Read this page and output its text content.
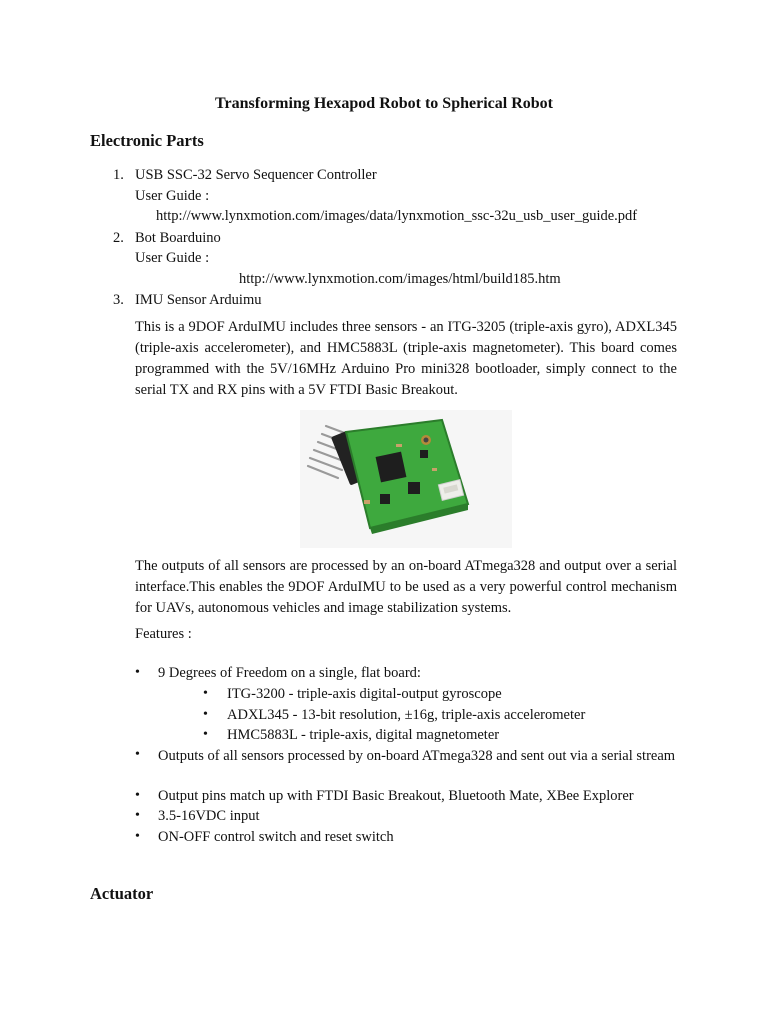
Transforming Hexapod Robot to Spherical Robot
Electronic Parts
1. USB SSC-32 Servo Sequencer Controller
User Guide :
http://www.lynxmotion.com/images/data/lynxmotion_ssc-32u_usb_user_guide.pdf
2. Bot Boarduino
User Guide :
http://www.lynxmotion.com/images/html/build185.htm
3. IMU Sensor Arduimu
This is a 9DOF ArduIMU includes three sensors - an ITG-3205 (triple-axis gyro), ADXL345 (triple-axis accelerometer), and HMC5883L (triple-axis magnetometer). This board comes programmed with the 5V/16MHz Arduino Pro mini328 bootloader, simply connect to the serial TX and RX pins with a 5V FTDI Basic Breakout.
The outputs of all sensors are processed by an on-board ATmega328 and output over a serial interface.This enables the 9DOF ArduIMU to be used as a very powerful control mechanism for UAVs, autonomous vehicles and image stabilization systems.
Features :
• 9 Degrees of Freedom on a single, flat board:
• ITG-3200 - triple-axis digital-output gyroscope
• ADXL345 - 13-bit resolution, ±16g, triple-axis accelerometer
• HMC5883L - triple-axis, digital magnetometer
• Outputs of all sensors processed by on-board ATmega328 and sent out via a serial stream
• Output pins match up with FTDI Basic Breakout, Bluetooth Mate, XBee Explorer
• 3.5-16VDC input
• ON-OFF control switch and reset switch
Actuator
